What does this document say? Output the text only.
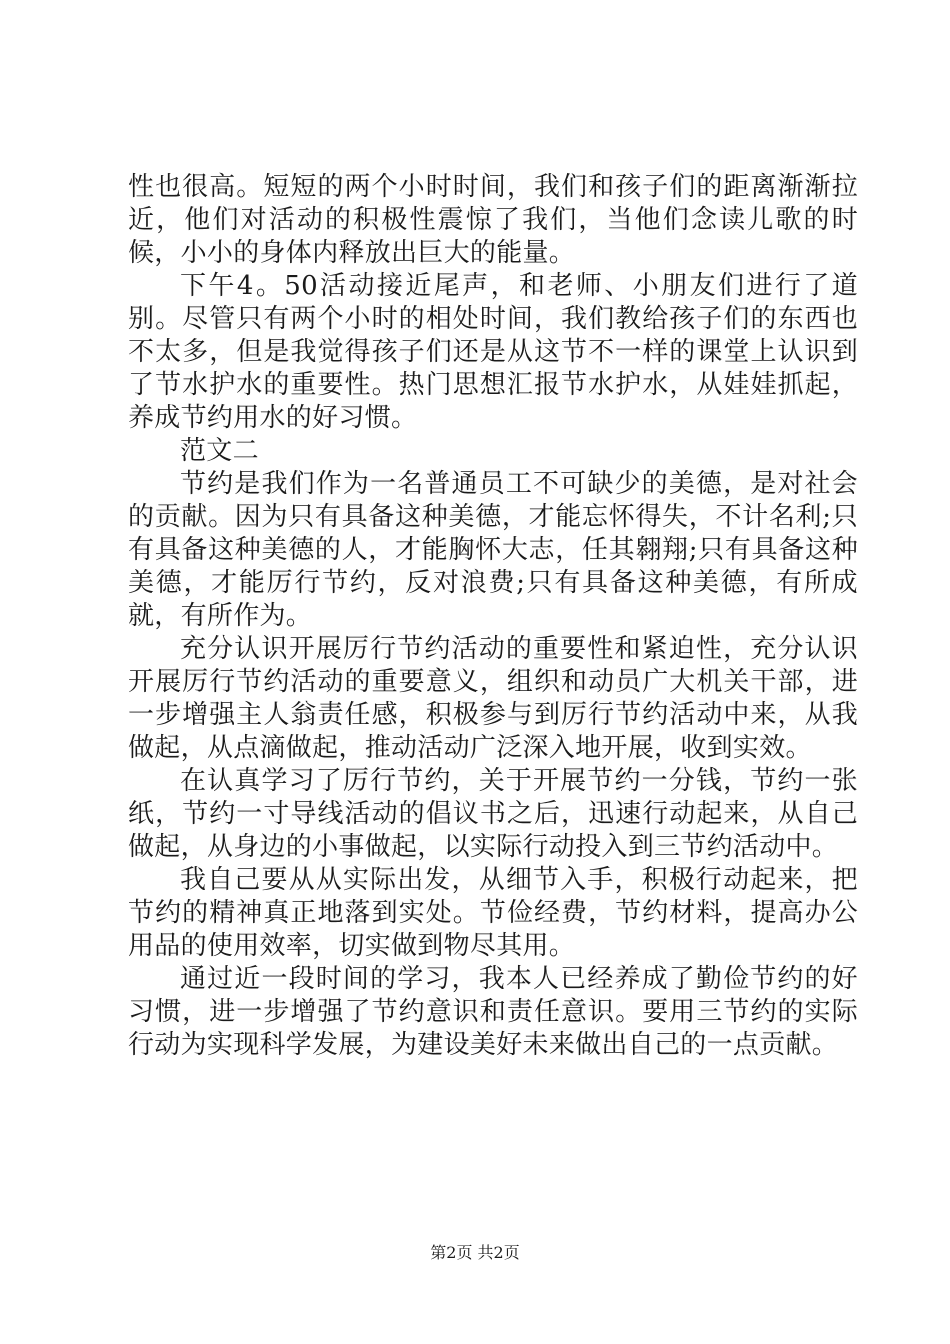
性也很高。短短的两个小时时间，我们和孩子们的距离渐渐拉近，他们对活动的积极性震惊了我们，当他们念读儿歌的时候，小小的身体内释放出巨大的能量。

下午4。50活动接近尾声，和老师、小朋友们进行了道别。尽管只有两个小时的相处时间，我们教给孩子们的东西也不太多，但是我觉得孩子们还是从这节不一样的课堂上认识到了节水护水的重要性。热门思想汇报节水护水，从娃娃抓起，养成节约用水的好习惯。

范文二

节约是我们作为一名普通员工不可缺少的美德，是对社会的贡献。因为只有具备这种美德，才能忘怀得失，不计名利;只有具备这种美德的人，才能胸怀大志，任其翱翔;只有具备这种美德，才能厉行节约，反对浪费;只有具备这种美德，有所成就，有所作为。

充分认识开展厉行节约活动的重要性和紧迫性，充分认识开展厉行节约活动的重要意义，组织和动员广大机关干部，进一步增强主人翁责任感，积极参与到厉行节约活动中来，从我做起，从点滴做起，推动活动广泛深入地开展，收到实效。

在认真学习了厉行节约，关于开展节约一分钱，节约一张纸，节约一寸导线活动的倡议书之后，迅速行动起来，从自己做起，从身边的小事做起，以实际行动投入到三节约活动中。

我自己要从从实际出发，从细节入手，积极行动起来，把节约的精神真正地落到实处。节俭经费，节约材料，提高办公用品的使用效率，切实做到物尽其用。

通过近一段时间的学习，我本人已经养成了勤俭节约的好习惯，进一步增强了节约意识和责任意识。要用三节约的实际行动为实现科学发展，为建设美好未来做出自己的一点贡献。

第2页 共2页
